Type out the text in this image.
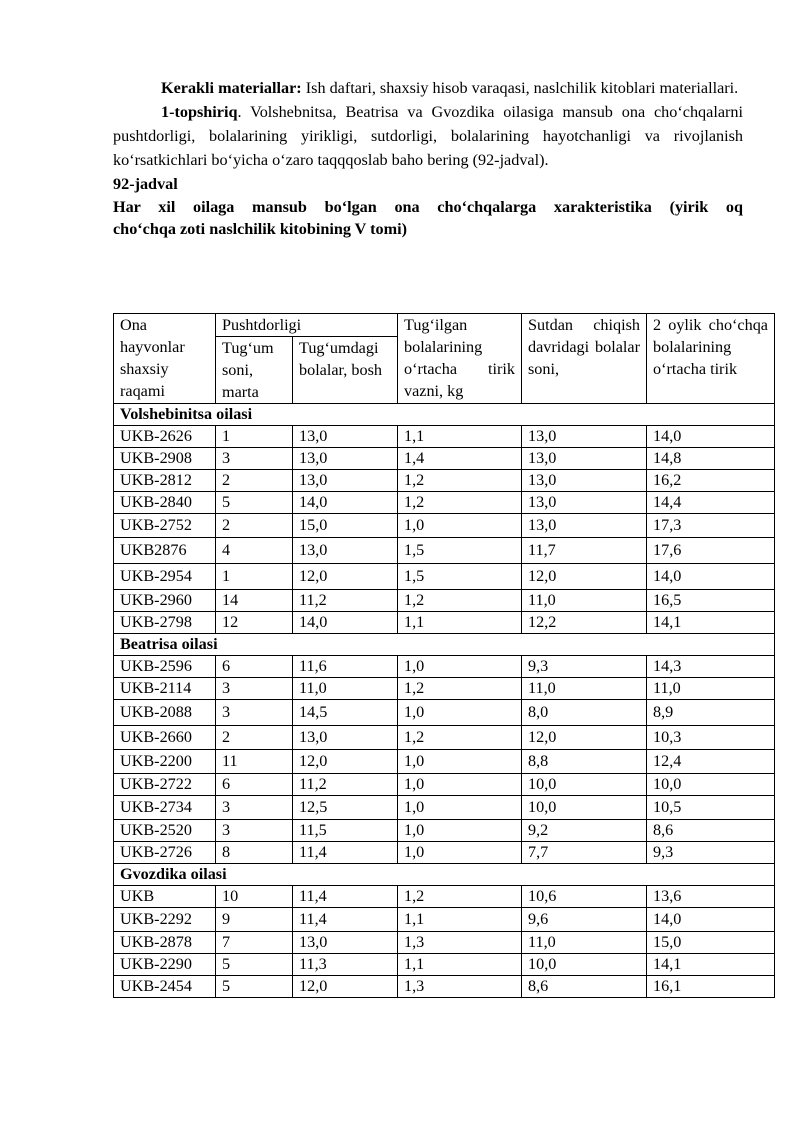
Kerakli materiallar: Ish daftari, shaxsiy hisob varaqasi, naslchilik kitoblari materiallari.

1-topshiriq. Volshebnitsa, Beatrisa va Gvozdika oilasiga mansub ona cho‘chqalarni pushtdorligi, bolalarining yirikligi, sutdorligi, bolalarining hayotchanligi va rivojlanish ko‘rsatkichlari bo‘yicha o‘zaro taqqqoslab baho bering (92-jadval).

92-jadval

Har xil oilaga mansub bo‘lgan ona cho‘chqalarga xarakteristika (yirik oq
cho‘chqa zoti naslchilik kitobining V tomi)

Ona hayvonlar shaxsiy raqami	Pushtdorligi		Tug‘ilgan bolalarining o‘rtacha tirik vazni, kg	Sutdan chiqish davridagi bolalar soni,	2 oylik cho‘chqa bolalarining o‘rtacha tirik

	Tug‘um soni, marta	Tug‘umdagi bolalar, bosh			

Volshebinitsa oilasi					
UKB-2626	1	13,0	1,1	13,0	14,0
UKB-2908	3	13,0	1,4	13,0	14,8
UKB-2812	2	13,0	1,2	13,0	16,2
UKB-2840	5	14,0	1,2	13,0	14,4
UKB-2752	2	15,0	1,0	13,0	17,3
UKB2876	4	13,0	1,5	11,7	17,6
UKB-2954	1	12,0	1,5	12,0	14,0
UKB-2960	14	11,2	1,2	11,0	16,5
UKB-2798	12	14,0	1,1	12,2	14,1
Beatrisa oilasi					
UKB-2596	6	11,6	1,0	9,3	14,3
UKB-2114	3	11,0	1,2	11,0	11,0
UKB-2088	3	14,5	1,0	8,0	8,9
UKB-2660	2	13,0	1,2	12,0	10,3
UKB-2200	11	12,0	1,0	8,8	12,4
UKB-2722	6	11,2	1,0	10,0	10,0
UKB-2734	3	12,5	1,0	10,0	10,5
UKB-2520	3	11,5	1,0	9,2	8,6
UKB-2726	8	11,4	1,0	7,7	9,3
Gvozdika oilasi					
UKB	10	11,4	1,2	10,6	13,6
UKB-2292	9	11,4	1,1	9,6	14,0
UKB-2878	7	13,0	1,3	11,0	15,0
UKB-2290	5	11,3	1,1	10,0	14,1
UKB-2454	5	12,0	1,3	8,6	16,1
